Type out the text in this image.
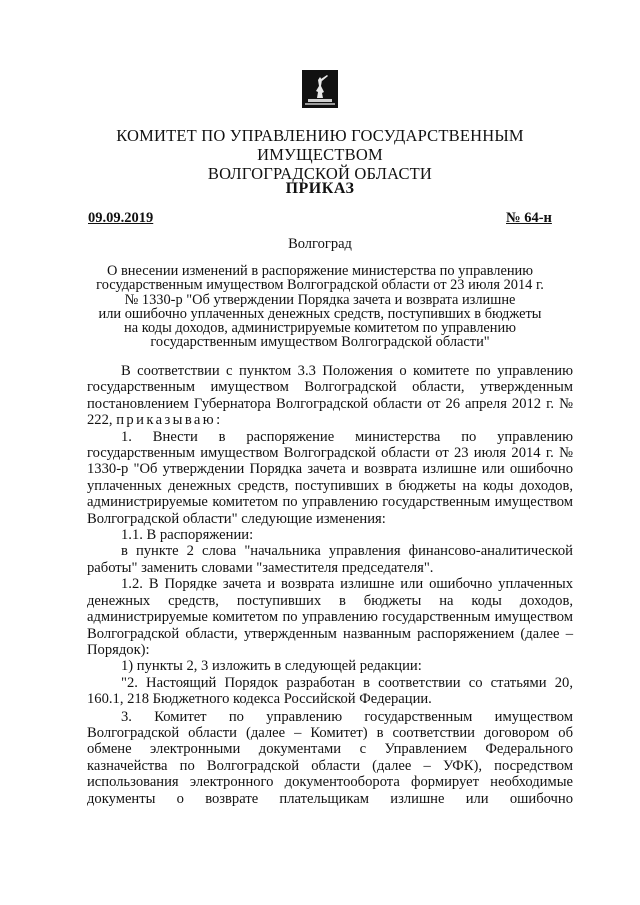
КОМИТЕТ ПО УПРАВЛЕНИЮ ГОСУДАРСТВЕННЫМ ИМУЩЕСТВОМ
ВОЛГОГРАДСКОЙ ОБЛАСТИ
ПРИКАЗ
09.09.2019	№ 64-н
Волгоград
О внесении изменений в распоряжение министерства по управлению
государственным имуществом Волгоградской области от 23 июля 2014 г.
№ 1330-р "Об утверждении Порядка зачета и возврата излишне
или ошибочно уплаченных денежных средств, поступивших в бюджеты
на коды доходов, администрируемые комитетом по управлению
государственным имуществом Волгоградской области"

В соответствии с пунктом 3.3 Положения о комитете по управлению государственным имуществом Волгоградской области, утвержденным постановлением Губернатора Волгоградской области от 26 апреля 2012 г. № 222, приказываю:

1. Внести в распоряжение министерства по управлению государственным имуществом Волгоградской области от 23 июля 2014 г. № 1330-р "Об утверждении Порядка зачета и возврата излишне или ошибочно уплаченных денежных средств, поступивших в бюджеты на коды доходов, администрируемые комитетом по управлению государственным имуществом Волгоградской области" следующие изменения:

1.1. В распоряжении:

в пункте 2 слова "начальника управления финансово-аналитической работы" заменить словами "заместителя председателя".

1.2. В Порядке зачета и возврата излишне или ошибочно уплаченных денежных средств, поступивших в бюджеты на коды доходов, администрируемые комитетом по управлению государственным имуществом Волгоградской области, утвержденным названным распоряжением (далее – Порядок):

1) пункты 2, 3 изложить в следующей редакции:

"2. Настоящий Порядок разработан в соответствии со статьями 20, 160.1, 218 Бюджетного кодекса Российской Федерации.

3. Комитет по управлению государственным имуществом Волгоградской области (далее – Комитет) в соответствии договором об обмене электронными документами с Управлением Федерального казначейства по Волгоградской области (далее – УФК), посредством использования электронного документооборота формирует необходимые документы о возврате плательщикам излишне или ошибочно
